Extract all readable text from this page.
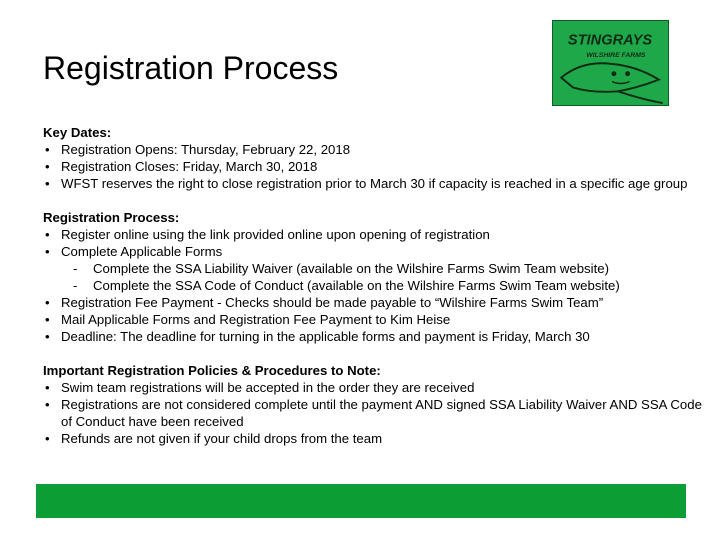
Registration Process
STINGRAYS
WILSHIRE FARMS
Key Dates:
• Registration Opens: Thursday, February 22, 2018
• Registration Closes: Friday, March 30, 2018
• WFST reserves the right to close registration prior to March 30 if capacity is reached in a specific age group
Registration Process:
• Register online using the link provided online upon opening of registration
• Complete Applicable Forms
- Complete the SSA Liability Waiver (available on the Wilshire Farms Swim Team website)
- Complete the SSA Code of Conduct (available on the Wilshire Farms Swim Team website)
• Registration Fee Payment - Checks should be made payable to “Wilshire Farms Swim Team”
• Mail Applicable Forms and Registration Fee Payment to Kim Heise
• Deadline: The deadline for turning in the applicable forms and payment is Friday, March 30
Important Registration Policies & Procedures to Note:
• Swim team registrations will be accepted in the order they are received
• Registrations are not considered complete until the payment AND signed SSA Liability Waiver AND SSA Code of Conduct have been received
• Refunds are not given if your child drops from the team
